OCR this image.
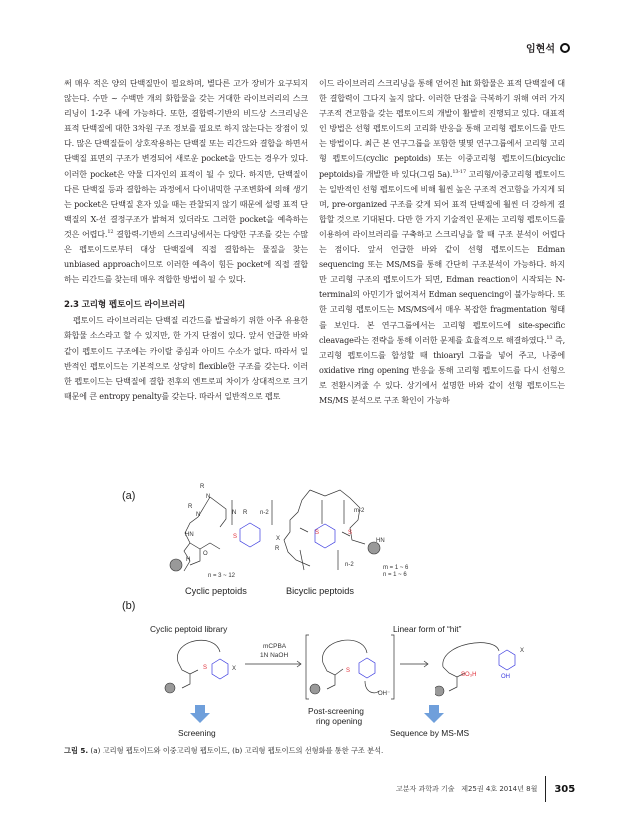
임현석

써 매우 적은 양의 단백질만이 필요하며, 별다른 고가 장비가 요구되지 않는다. 수만 ~ 수백만 개의 화합물을 갖는 거대한 라이브러리의 스크리닝이 1-2주 내에 가능하다. 또한, 결합력-기반의 비드상 스크리닝은 표적 단백질에 대한 3차원 구조 정보를 필요로 하지 않는다는 장점이 있다. 많은 단백질들이 상호작용하는 단백질 또는 리간드와 결합을 하면서 단백질 표면의 구조가 변경되어 새로운 pocket을 만드는 경우가 있다. 이러한 pocket은 약물 디자인의 표적이 될 수 있다. 하지만, 단백질이 다른 단백질 등과 결합하는 과정에서 다이내믹한 구조변화에 의해 생기는 pocket은 단백질 혼자 있을 때는 관찰되지 않기 때문에 설령 표적 단백질의 X-선 결정구조가 밝혀져 있더라도 그러한 pocket을 예측하는 것은 어렵다.$^{12}$ 결합력-기반의 스크리닝에서는 다양한 구조를 갖는 수많은 펩토이드로부터 대상 단백질에 직접 결합하는 물질을 찾는 unbiased approach이므로 이러한 예측이 힘든 pocket에 직접 결합하는 리간드를 찾는데 매우 적합한 방법이 될 수 있다.

2.3 고리형 펩토이드 라이브러리

펩토이드 라이브러리는 단백질 리간드를 발굴하기 위한 아주 유용한 화합물 소스라고 할 수 있지만, 한 가지 단점이 있다. 앞서 언급한 바와 같이 펩토이드 구조에는 카이랄 중심과 아미드 수소가 없다. 따라서 일반적인 펩토이드는 기본적으로 상당히 flexible한 구조를 갖는다. 이러한 펩토이드는 단백질에 결합 전후의 엔트로피 차이가 상대적으로 크기 때문에 큰 entropy penalty를 갖는다. 따라서 일반적으로 펩토

이드 라이브러리 스크리닝을 통해 얻어진 hit 화합물은 표적 단백질에 대한 결합력이 그다지 높지 않다. 이러한 단점을 극복하기 위해 여러 가지 구조적 견고함을 갖는 펩토이드의 개발이 활발히 진행되고 있다. 대표적인 방법은 선형 펩토이드의 고리화 반응을 통해 고리형 펩토이드를 만드는 방법이다. 최근 본 연구그룹을 포함한 몇몇 연구그룹에서 고리형 고리형 펩토이드(cyclic peptoids) 또는 이중고리형 펩토이드(bicyclic peptoids)를 개발한 바 있다(그림 5a).$^{13-17}$ 고리형/이중고리형 펩토이드는 일반적인 선형 펩토이드에 비해 훨씬 높은 구조적 견고함을 가지게 되며, pre-organized 구조를 갖게 되어 표적 단백질에 훨씬 더 강하게 결합할 것으로 기대된다. 다만 한 가지 기술적인 문제는 고리형 펩토이드를 이용하여 라이브러리를 구축하고 스크리닝을 할 때 구조 분석이 어렵다는 점이다. 앞서 언급한 바와 같이 선형 펩토이드는 Edman sequencing 또는 MS/MS를 통해 간단히 구조분석이 가능하다. 하지만 고리형 구조의 펩토이드가 되면, Edman reaction이 시작되는 N-terminal의 아민기가 없어져서 Edman sequencing이 불가능하다. 또한 고리형 펩토이드는 MS/MS에서 매우 복잡한 fragmentation 형태를 보인다. 본 연구그룹에서는 고리형 펩토이드에 site-specific cleavage라는 전략을 통해 이러한 문제를 효율적으로 해결하였다.$^{13}$ 즉, 고리형 펩토이드를 합성할 때 thioaryl 그룹을 넣어 주고, 나중에 oxidative ring opening 반응을 통해 고리형 펩토이드를 다시 선형으로 전환시켜줄 수 있다. 상기에서 설명한 바와 같이 선형 펩토이드는 MS/MS 분석으로 구조 확인이 가능하

(a)
(b)
R
N
R
N	n-2
R
N
HN	S	X
H
O
n = 3 ~ 12
Cyclic peptoids
S	S
HN
m-2
n-2
R
m = 1 ~ 6
n = 1 ~ 6
Bicyclic peptoids
Cyclic peptoid library
S	X
mCPBA
1N NaOH
S
OH⁻
Post-screening
ring opening
Linear form of “hit”
SO₃H
X
OH
Screening	Sequence by MS-MS
그림 5. (a) 고리형 펩토이드와 이중고리형 펩토이드, (b) 고리형 펩토이드의 선형화를 통한 구조 분석.
고분자 과학과 기술   제25권 4호 2014년 8월 305
